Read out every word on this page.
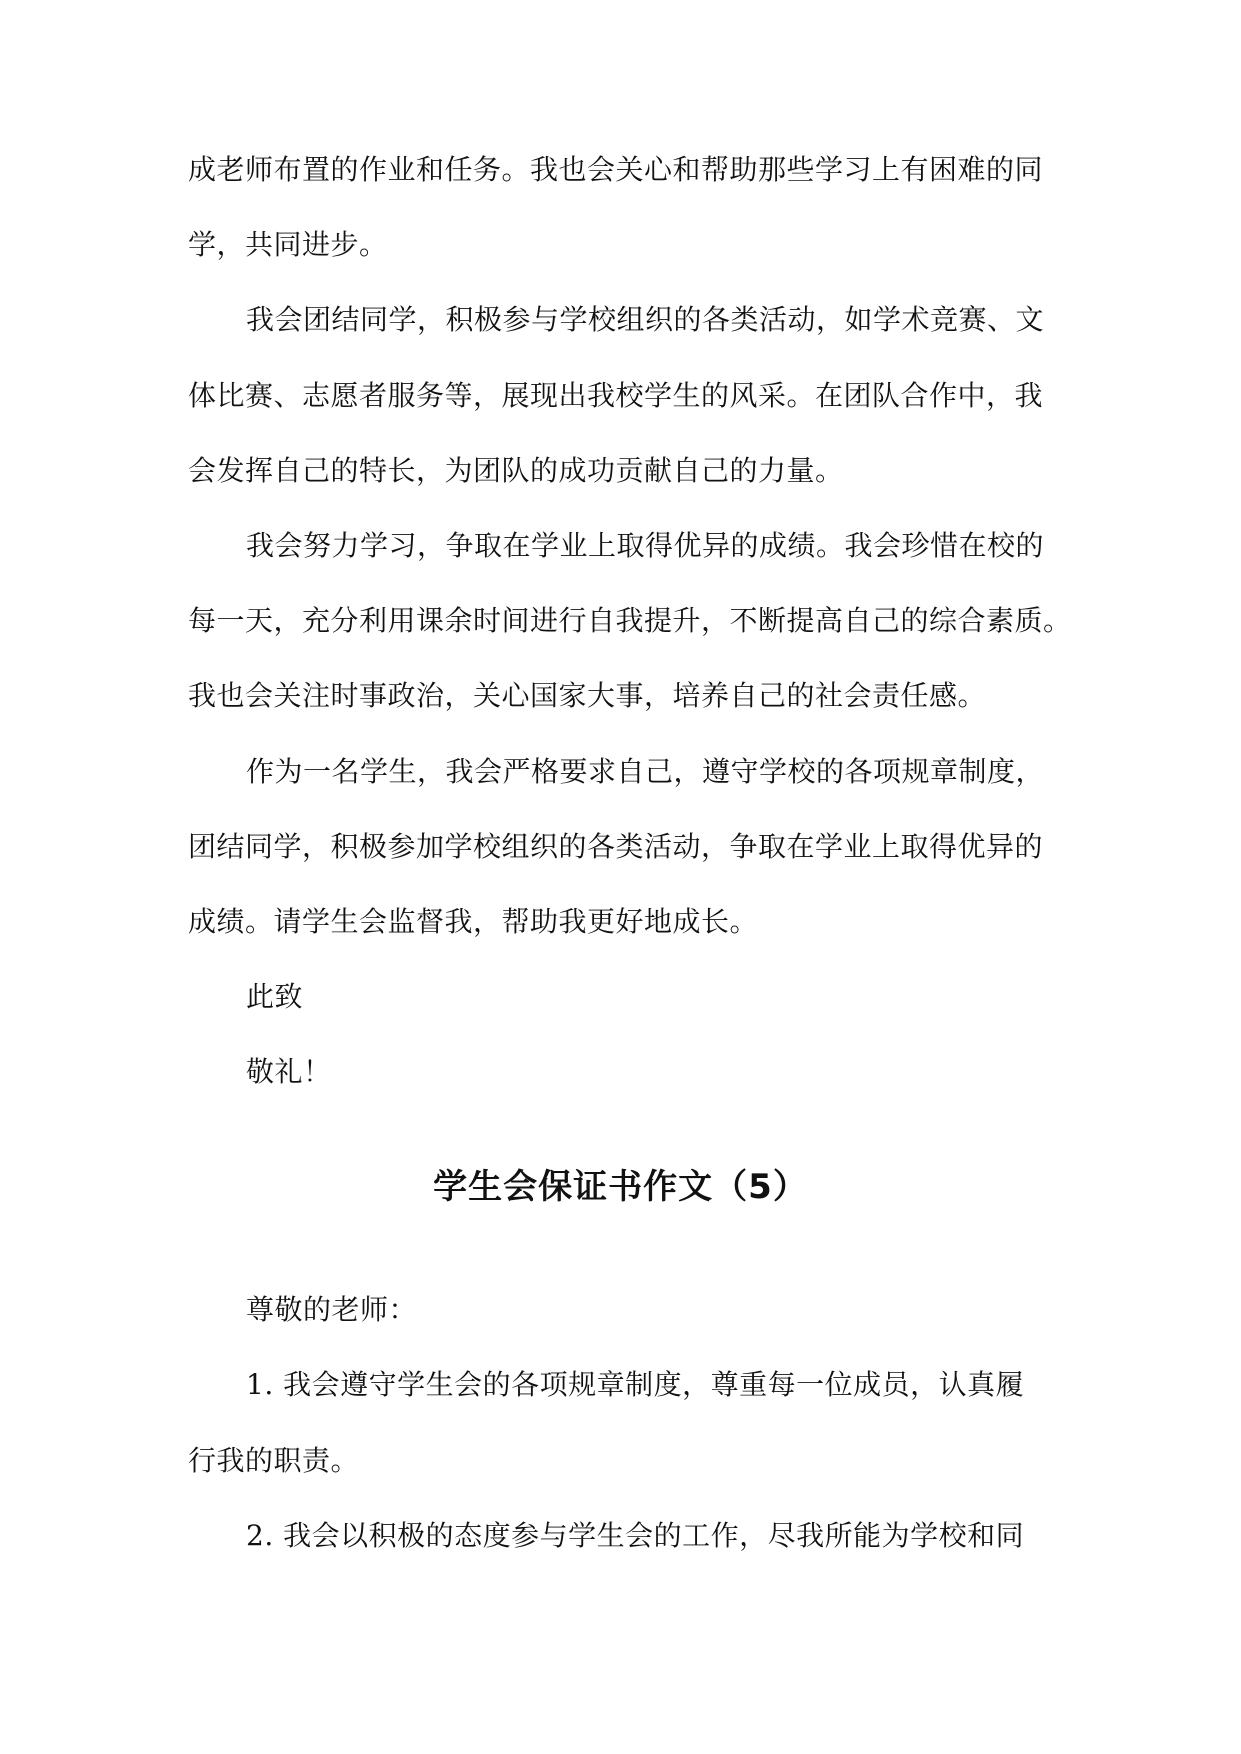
成老师布置的作业和任务。我也会关心和帮助那些学习上有困难的同
学，共同进步。
我会团结同学，积极参与学校组织的各类活动，如学术竞赛、文
体比赛、志愿者服务等，展现出我校学生的风采。在团队合作中，我
会发挥自己的特长，为团队的成功贡献自己的力量。
我会努力学习，争取在学业上取得优异的成绩。我会珍惜在校的
每一天，充分利用课余时间进行自我提升，不断提高自己的综合素质。
我也会关注时事政治，关心国家大事，培养自己的社会责任感。
作为一名学生，我会严格要求自己，遵守学校的各项规章制度，
团结同学，积极参加学校组织的各类活动，争取在学业上取得优异的
成绩。请学生会监督我，帮助我更好地成长。
此致
敬礼！
学生会保证书作文（5）
尊敬的老师：
1. 我会遵守学生会的各项规章制度，尊重每一位成员，认真履
行我的职责。
2. 我会以积极的态度参与学生会的工作，尽我所能为学校和同
